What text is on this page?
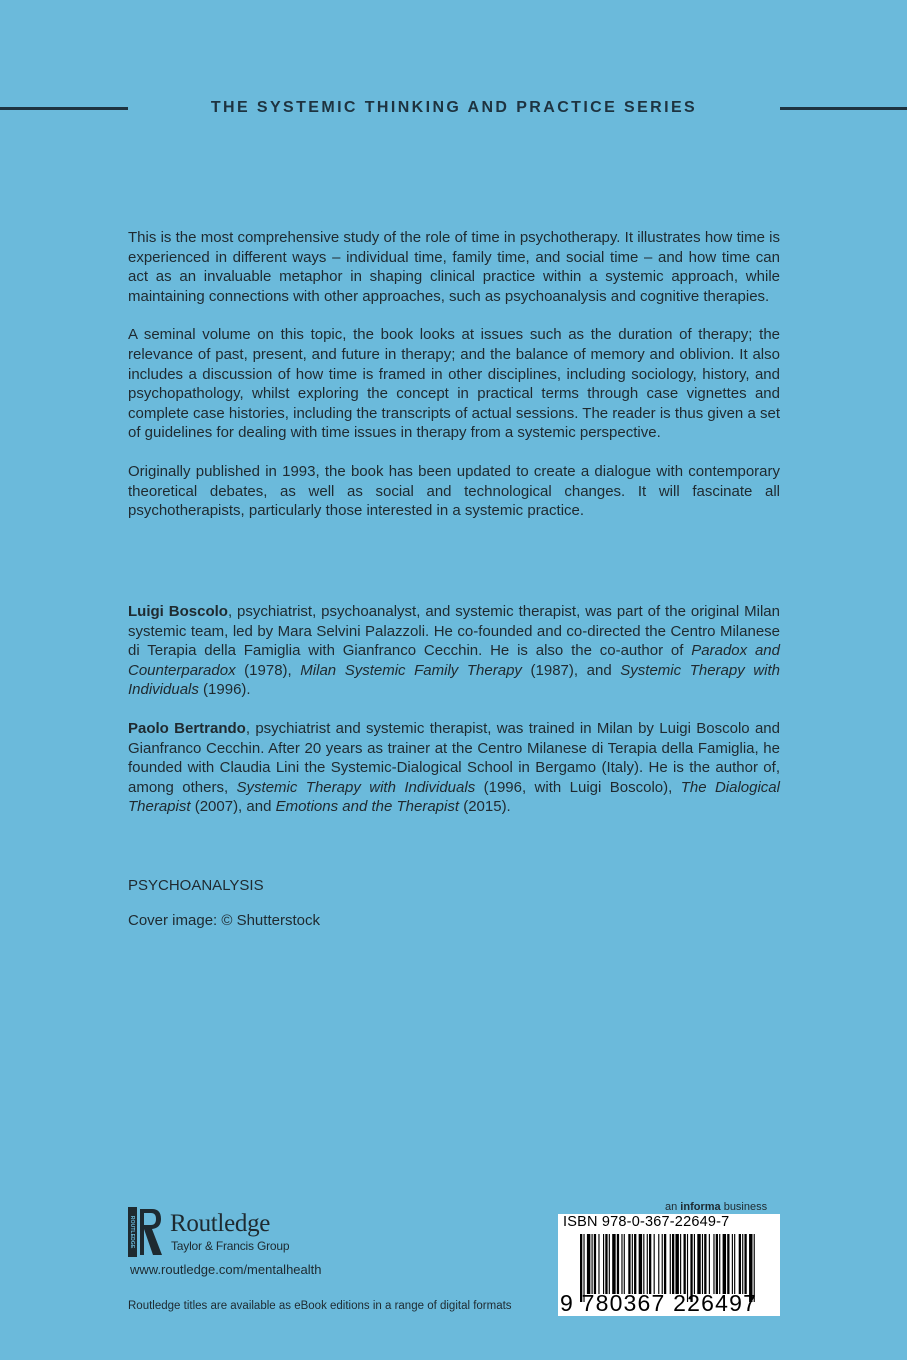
THE SYSTEMIC THINKING AND PRACTICE SERIES

This is the most comprehensive study of the role of time in psychotherapy. It illustrates how time is experienced in different ways – individual time, family time, and social time – and how time can act as an invaluable metaphor in shaping clinical practice within a systemic approach, while maintaining connections with other approaches, such as psychoanalysis and cognitive therapies.

A seminal volume on this topic, the book looks at issues such as the duration of therapy; the relevance of past, present, and future in therapy; and the balance of memory and oblivion. It also includes a discussion of how time is framed in other disciplines, including sociology, history, and psychopathology, whilst exploring the concept in practical terms through case vignettes and complete case histories, including the transcripts of actual sessions. The reader is thus given a set of guidelines for dealing with time issues in therapy from a systemic perspective.

Originally published in 1993, the book has been updated to create a dialogue with contemporary theoretical debates, as well as social and technological changes. It will fascinate all psychotherapists, particularly those interested in a systemic practice.

Luigi Boscolo, psychiatrist, psychoanalyst, and systemic therapist, was part of the original Milan systemic team, led by Mara Selvini Palazzoli. He co-founded and co-directed the Centro Milanese di Terapia della Famiglia with Gianfranco Cecchin. He is also the co-author of Paradox and Counterparadox (1978), Milan Systemic Family Therapy (1987), and Systemic Therapy with Individuals (1996).

Paolo Bertrando, psychiatrist and systemic therapist, was trained in Milan by Luigi Boscolo and Gianfranco Cecchin. After 20 years as trainer at the Centro Milanese di Terapia della Famiglia, he founded with Claudia Lini the Systemic-Dialogical School in Bergamo (Italy). He is the author of, among others, Systemic Therapy with Individuals (1996, with Luigi Boscolo), The Dialogical Therapist (2007), and Emotions and the Therapist (2015).

PSYCHOANALYSIS
Cover image: © Shutterstock
ROUTLEDGE Routledge
Taylor & Francis Group
www.routledge.com/mentalhealth
Routledge titles are available as eBook editions in a range of digital formats
an informa business
ISBN 978-0-367-22649-7
9 780367 226497
